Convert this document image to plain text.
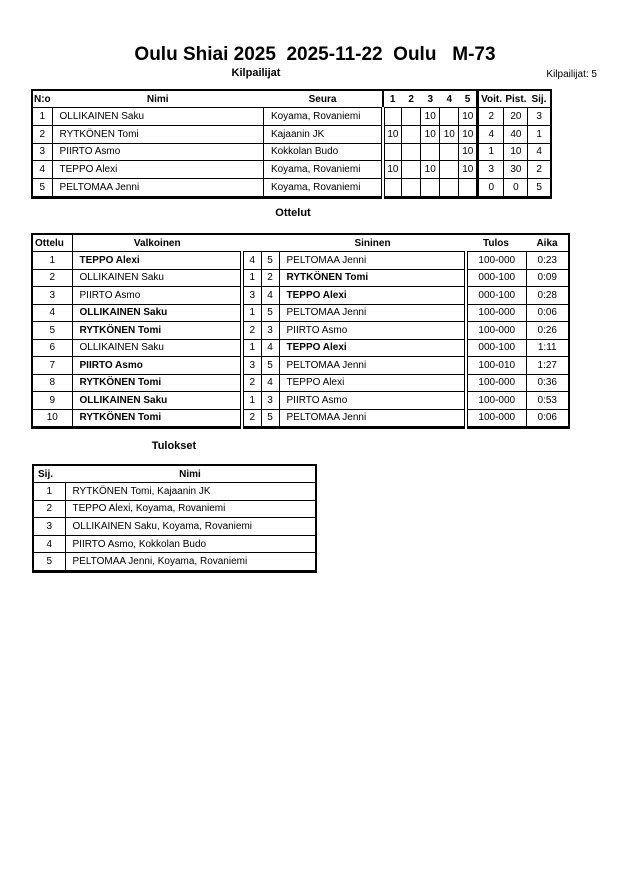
Oulu Shiai 2025  2025-11-22  Oulu   M-73
Kilpailijat	Kilpailijat: 5
N:o	Nimi	Seura	1	2	3	4	5	Voit.	Pist.	Sij.
1	OLLIKAINEN Saku	Koyama, Rovaniemi			10		10	2	20	3
2	RYTKÖNEN Tomi	Kajaanin JK	10		10	10	10	4	40	1
3	PIIRTO Asmo	Kokkolan Budo					10	1	10	4
4	TEPPO Alexi	Koyama, Rovaniemi	10		10		10	3	30	2
5	PELTOMAA Jenni	Koyama, Rovaniemi						0	0	5
Ottelut
Ottelu	Valkoinen			Sininen	Tulos	Aika
1	TEPPO Alexi	4	5	PELTOMAA Jenni	100-000	0:23
2	OLLIKAINEN Saku	1	2	RYTKÖNEN Tomi	000-100	0:09
3	PIIRTO Asmo	3	4	TEPPO Alexi	000-100	0:28
4	OLLIKAINEN Saku	1	5	PELTOMAA Jenni	100-000	0:06
5	RYTKÖNEN Tomi	2	3	PIIRTO Asmo	100-000	0:26
6	OLLIKAINEN Saku	1	4	TEPPO Alexi	000-100	1:11
7	PIIRTO Asmo	3	5	PELTOMAA Jenni	100-010	1:27
8	RYTKÖNEN Tomi	2	4	TEPPO Alexi	100-000	0:36
9	OLLIKAINEN Saku	1	3	PIIRTO Asmo	100-000	0:53
10	RYTKÖNEN Tomi	2	5	PELTOMAA Jenni	100-000	0:06
Tulokset
Sij.	Nimi
1	RYTKÖNEN Tomi, Kajaanin JK
2	TEPPO Alexi, Koyama, Rovaniemi
3	OLLIKAINEN Saku, Koyama, Rovaniemi
4	PIIRTO Asmo, Kokkolan Budo
5	PELTOMAA Jenni, Koyama, Rovaniemi
